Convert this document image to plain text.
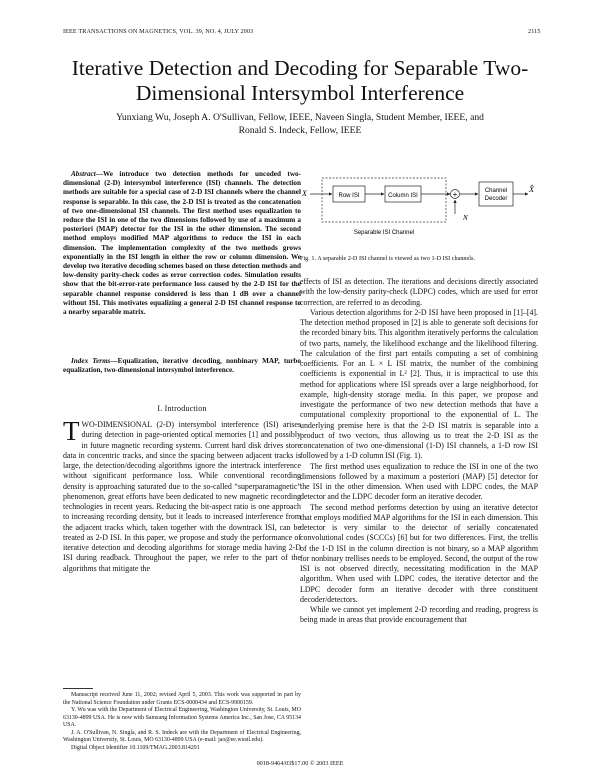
IEEE TRANSACTIONS ON MAGNETICS, VOL. 39, NO. 4, JULY 2003	2115
Iterative Detection and Decoding for Separable Two-Dimensional Intersymbol Interference
Yunxiang Wu, Joseph A. O'Sullivan, Fellow, IEEE, Naveen Singla, Student Member, IEEE, and
Ronald S. Indeck, Fellow, IEEE

Abstract—We introduce two detection methods for uncoded two-dimensional (2-D) intersymbol interference (ISI) channels. The detection methods are suitable for a special case of 2-D ISI channels where the channel response is separable. In this case, the 2-D ISI is treated as the concatenation of two one-dimensional ISI channels. The first method uses equalization to reduce the ISI in one of the two dimensions followed by use of a maximum a posteriori (MAP) detector for the ISI in the other dimension. The second method employs modified MAP algorithms to reduce the ISI in each dimension. The implementation complexity of the two methods grows exponentially in the ISI length in either the row or column dimension. We develop two iterative decoding schemes based on these detection methods and low-density parity-check codes as error correction codes. Simulation results show that the bit-error-rate performance loss caused by the 2-D ISI for the separable channel response considered is less than 1 dB over a channel without ISI. This motivates equalizing a general 2-D ISI channel response to a nearby separable matrix.

Index Terms—Equalization, iterative decoding, nonbinary MAP, turbo equalization, two-dimensional intersymbol interference.

I. Introduction

TWO-DIMENSIONAL (2-D) intersymbol interference (ISI) arises during detection in page-oriented optical memories [1] and possibly in future magnetic recording systems. Current hard disk drives store data in concentric tracks, and since the spacing between adjacent tracks is large, the detection/decoding algorithms ignore the intertrack interference without significant performance loss. While conventional recording density is approaching saturated due to the so-called “superparamagnetic” phenomenon, great efforts have been dedicated to new magnetic recording technologies in recent years. Reducing the bit-aspect ratio is one approach to increasing recording density, but it leads to increased interference from the adjacent tracks which, taken together with the downtrack ISI, can be treated as 2-D ISI. In this paper, we propose and study the performance of iterative detection and decoding algorithms for storage media having 2-D ISI during readback. Throughout the paper, we refer to the part of the algorithms that mitigate the

Manuscript received June 11, 2002; revised April 5, 2003. This work was supported in part by the National Science Foundation under Grants ECS-0000434 and ECS-9900159.

Y. Wu was with the Department of Electrical Engineering, Washington University, St. Louis, MO 63130-4899 USA. He is now with Samsung Information Systems America Inc., San Jose, CA 95134 USA.

J. A. O'Sullivan, N. Singla, and R. S. Indeck are with the Department of Electrical Engineering, Washington University, St. Louis, MO 63130-4899 USA (e-mail: jao@ee.wustl.edu).

Digital Object Identifier 10.1109/TMAG.2003.814291

X	Row ISI	Column ISI	+
N
Channel
Decoder
X̂
Separable ISI Channel
Fig. 1. A separable 2-D ISI channel is viewed as two 1-D ISI channels.

effects of ISI as detection. The iterations and decisions directly associated with the low-density parity-check (LDPC) codes, which are used for error correction, are referred to as decoding.

Various detection algorithms for 2-D ISI have been proposed in [1]–[4]. The detection method proposed in [2] is able to generate soft decisions for the recorded binary bits. This algorithm iteratively performs the calculation of two parts, namely, the likelihood exchange and the likelihood filtering. The calculation of the first part entails computing a set of combining coefficients. For an L × L ISI matrix, the number of the combining coefficients is exponential in L² [2]. Thus, it is impractical to use this method for applications where ISI spreads over a large neighborhood, for example, high-density storage media. In this paper, we propose and investigate the performance of two new detection methods that have a computational complexity proportional to the exponential of L. The underlying premise here is that the 2-D ISI matrix is separable into a product of two vectors, thus allowing us to treat the 2-D ISI as the concatenation of two one-dimensional (1-D) ISI channels, a 1-D row ISI followed by a 1-D column ISI (Fig. 1).

The first method uses equalization to reduce the ISI in one of the two dimensions followed by a maximum a posteriori (MAP) [5] detector for the ISI in the other dimension. When used with LDPC codes, the MAP detector and the LDPC decoder form an iterative decoder.

The second method performs detection by using an iterative detector that employs modified MAP algorithms for the ISI in each dimension. This detector is very similar to the detector of serially concatenated convolutional codes (SCCCs) [6] but for two differences. First, the trellis of the 1-D ISI in the column direction is not binary, so a MAP algorithm for nonbinary trellises needs to be employed. Second, the output of the row ISI is not observed directly, necessitating modification in the MAP algorithm. When used with LDPC codes, the iterative detector and the LDPC decoder form an iterative decoder with three constituent decoder/detectors.

While we cannot yet implement 2-D recording and reading, progress is being made in areas that provide encouragement that

0018-9464/03$17.00 © 2003 IEEE
